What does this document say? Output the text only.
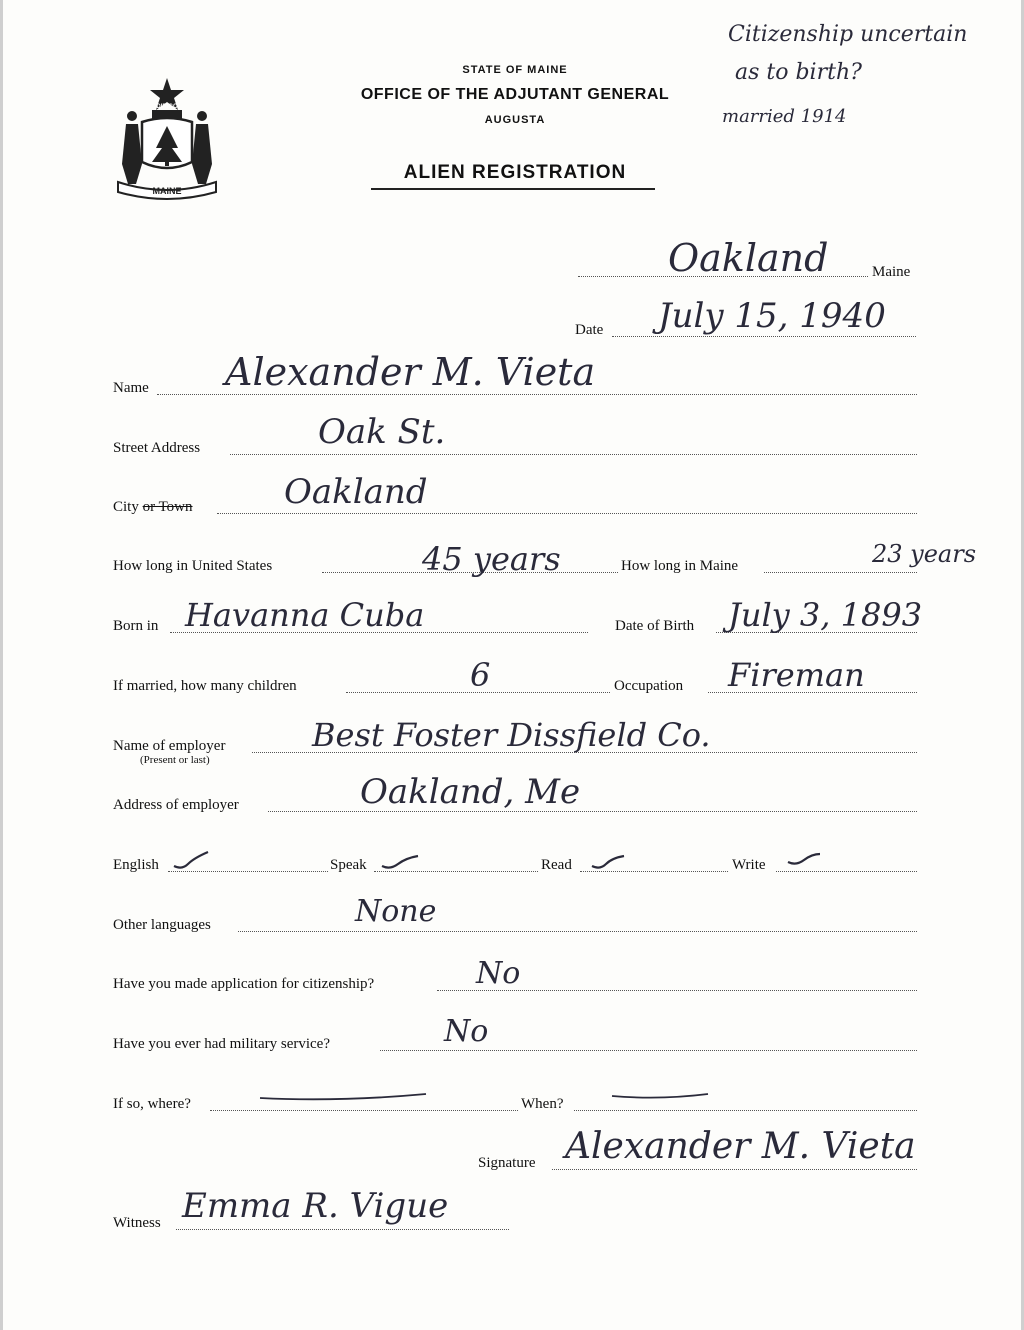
MAINE
DIRIGO
STATE OF MAINE
OFFICE OF THE ADJUTANT GENERAL
AUGUSTA
ALIEN REGISTRATION
Citizenship uncertain
as to birth?
married 1914
Oakland	Maine
Date July 15, 1940
Name Alexander M. Vieta
Street Address	Oak St.
City or Town	Oakland
How long in United States	45 years	How long in Maine	23 years
Born in Havanna Cuba	Date of Birth July 3, 1893
If married, how many children	6	Occupation Fireman
Name of employer
(Present or last)
Best Foster Dissfield Co.
Address of employer	Oakland, Me
English	Speak	Read	Write
Other languages	None
Have you made application for citizenship?	No
Have you ever had military service?	No
If so, where?	When?
Signature Alexander M. Vieta
Witness Emma R. Vigue
